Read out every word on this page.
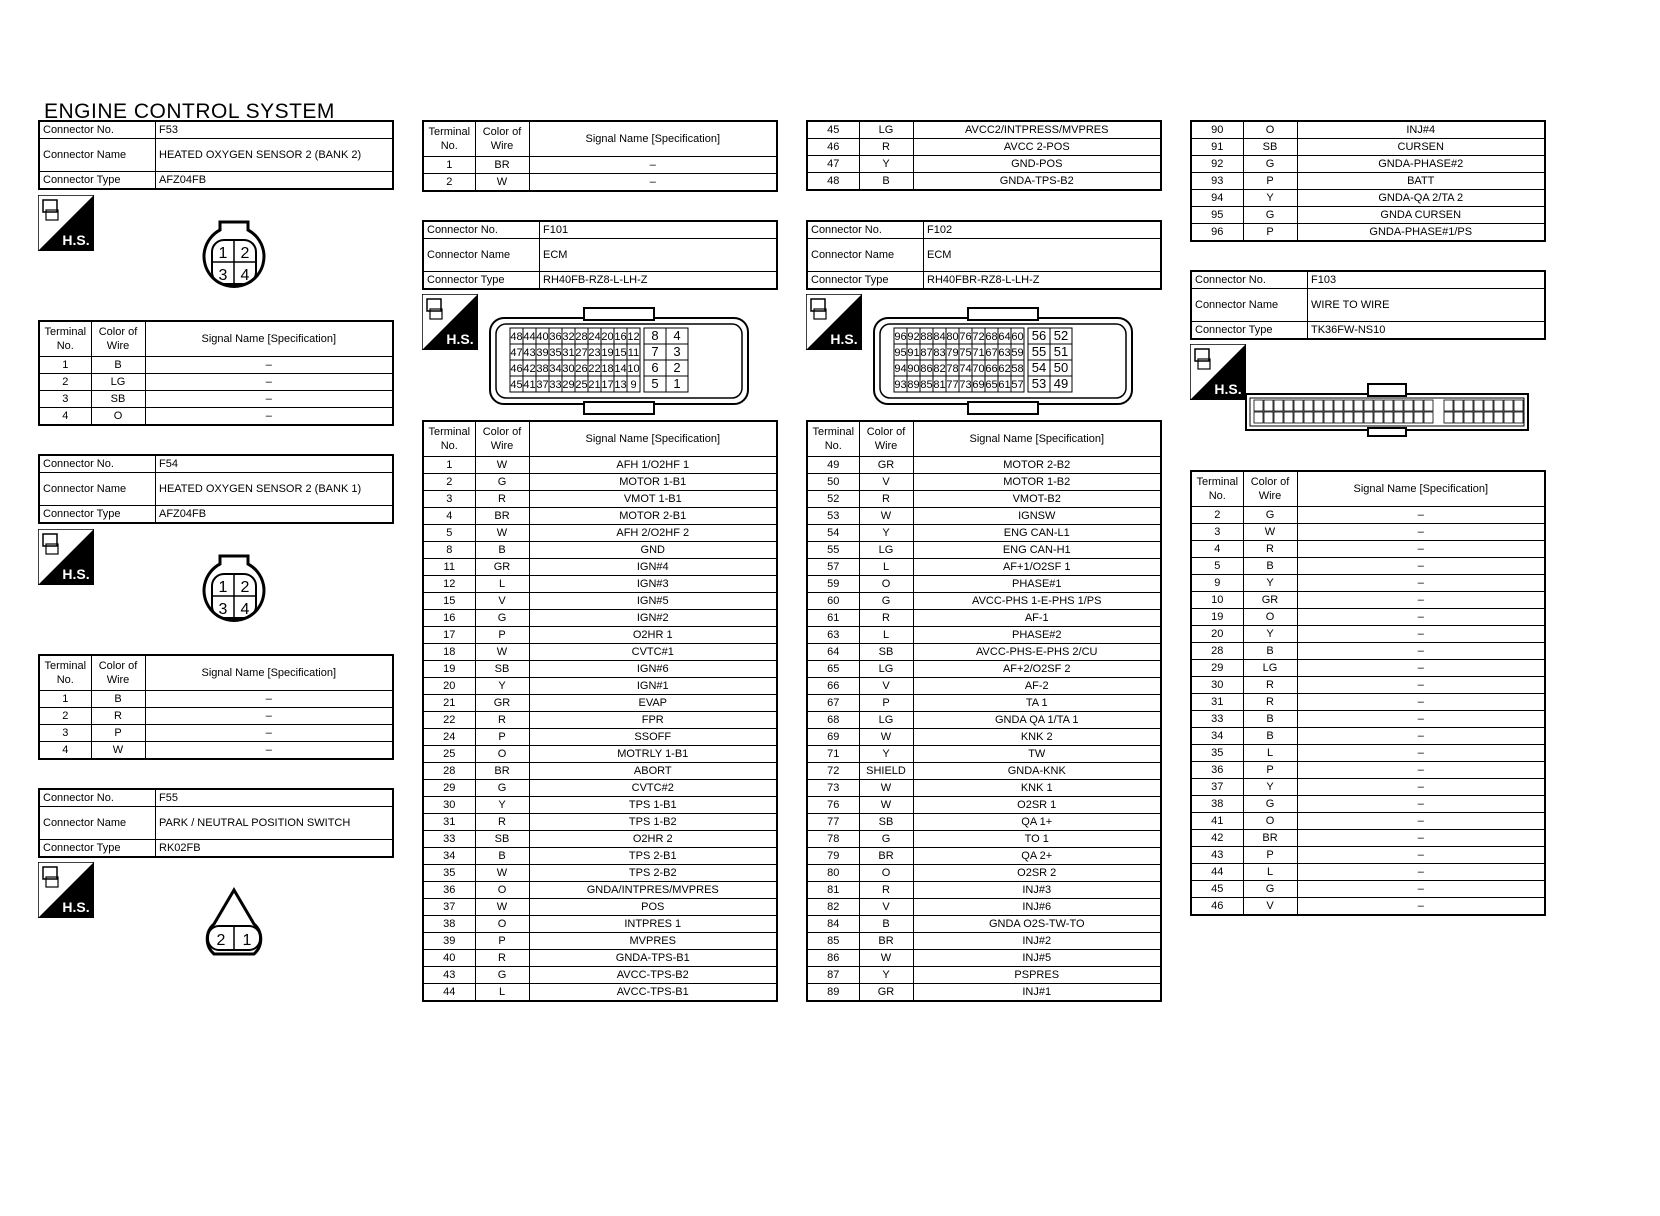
ENGINE CONTROL SYSTEM
Connector No.	F53
Connector Name	HEATED OXYGEN SENSOR 2 (BANK 2)
Connector Type	AFZ04FB
H.S.
1 2
3 4
Terminal No.	Color of Wire	Signal Name [Specification]
1	B	–
2	LG	–
3	SB	–
4	O	–
Connector No.	F54
Connector Name	HEATED OXYGEN SENSOR 2 (BANK 1)
Connector Type	AFZ04FB
H.S.
1 2
3 4
Terminal No.	Color of Wire	Signal Name [Specification]
1	B	–
2	R	–
3	P	–
4	W	–
Connector No.	F55
Connector Name	PARK / NEUTRAL POSITION SWITCH
Connector Type	RK02FB
H.S.
2 1
Terminal No.	Color of Wire	Signal Name [Specification]
1	BR	–
2	W	–
Connector No.	F101
Connector Name	ECM
Connector Type	RH40FB-RZ8-L-LH-Z
H.S.	48 44 40 36 32 28 24 20 16 12 8 4
47 43 39 35 31 27 23 19 15 11 7 3
46 42 38 34 30 26 22 18 14 10 6 2
45 41 37 33 29 25 21 17 13 9 5 1
Terminal No.	Color of Wire	Signal Name [Specification]
1	W	AFH 1/O2HF 1
2	G	MOTOR 1-B1
3	R	VMOT 1-B1
4	BR	MOTOR 2-B1
5	W	AFH 2/O2HF 2
8	B	GND
11	GR	IGN#4
12	L	IGN#3
15	V	IGN#5
16	G	IGN#2
17	P	O2HR 1
18	W	CVTC#1
19	SB	IGN#6
20	Y	IGN#1
21	GR	EVAP
22	R	FPR
24	P	SSOFF
25	O	MOTRLY 1-B1
28	BR	ABORT
29	G	CVTC#2
30	Y	TPS 1-B1
31	R	TPS 1-B2
33	SB	O2HR 2
34	B	TPS 2-B1
35	W	TPS 2-B2
36	O	GNDA/INTPRES/MVPRES
37	W	POS
38	O	INTPRES 1
39	P	MVPRES
40	R	GNDA-TPS-B1
43	G	AVCC-TPS-B2
44	L	AVCC-TPS-B1
45	LG	AVCC2/INTPRESS/MVPRES
46	R	AVCC 2-POS
47	Y	GND-POS
48	B	GNDA-TPS-B2
Connector No.	F102
Connector Name	ECM
Connector Type	RH40FBR-RZ8-L-LH-Z
H.S.	96 92 88 84 80 76 72 68 64 60 56 52
95 91 87 83 79 75 71 67 63 59 55 51
94 90 86 82 78 74 70 66 62 58 54 50
93 89 85 81 77 73 69 65 61 57 53 49
Terminal No.	Color of Wire	Signal Name [Specification]
49	GR	MOTOR 2-B2
50	V	MOTOR 1-B2
52	R	VMOT-B2
53	W	IGNSW
54	Y	ENG CAN-L1
55	LG	ENG CAN-H1
57	L	AF+1/O2SF 1
59	O	PHASE#1
60	G	AVCC-PHS 1-E-PHS 1/PS
61	R	AF-1
63	L	PHASE#2
64	SB	AVCC-PHS-E-PHS 2/CU
65	LG	AF+2/O2SF 2
66	V	AF-2
67	P	TA 1
68	LG	GNDA QA 1/TA 1
69	W	KNK 2
71	Y	TW
72	SHIELD	GNDA-KNK
73	W	KNK 1
76	W	O2SR 1
77	SB	QA 1+
78	G	TO 1
79	BR	QA 2+
80	O	O2SR 2
81	R	INJ#3
82	V	INJ#6
84	B	GNDA O2S-TW-TO
85	BR	INJ#2
86	W	INJ#5
87	Y	PSPRES
89	GR	INJ#1
90	O	INJ#4
91	SB	CURSEN
92	G	GNDA-PHASE#2
93	P	BATT
94	Y	GNDA-QA 2/TA 2
95	G	GNDA CURSEN
96	P	GNDA-PHASE#1/PS
Connector No.	F103
Connector Name	WIRE TO WIRE
Connector Type	TK36FW-NS10
H.S.
Terminal No.	Color of Wire	Signal Name [Specification]
2	G	–
3	W	–
4	R	–
5	B	–
9	Y	–
10	GR	–
19	O	–
20	Y	–
28	B	–
29	LG	–
30	R	–
31	R	–
33	B	–
34	B	–
35	L	–
36	P	–
37	Y	–
38	G	–
41	O	–
42	BR	–
43	P	–
44	L	–
45	G	–
46	V	–
